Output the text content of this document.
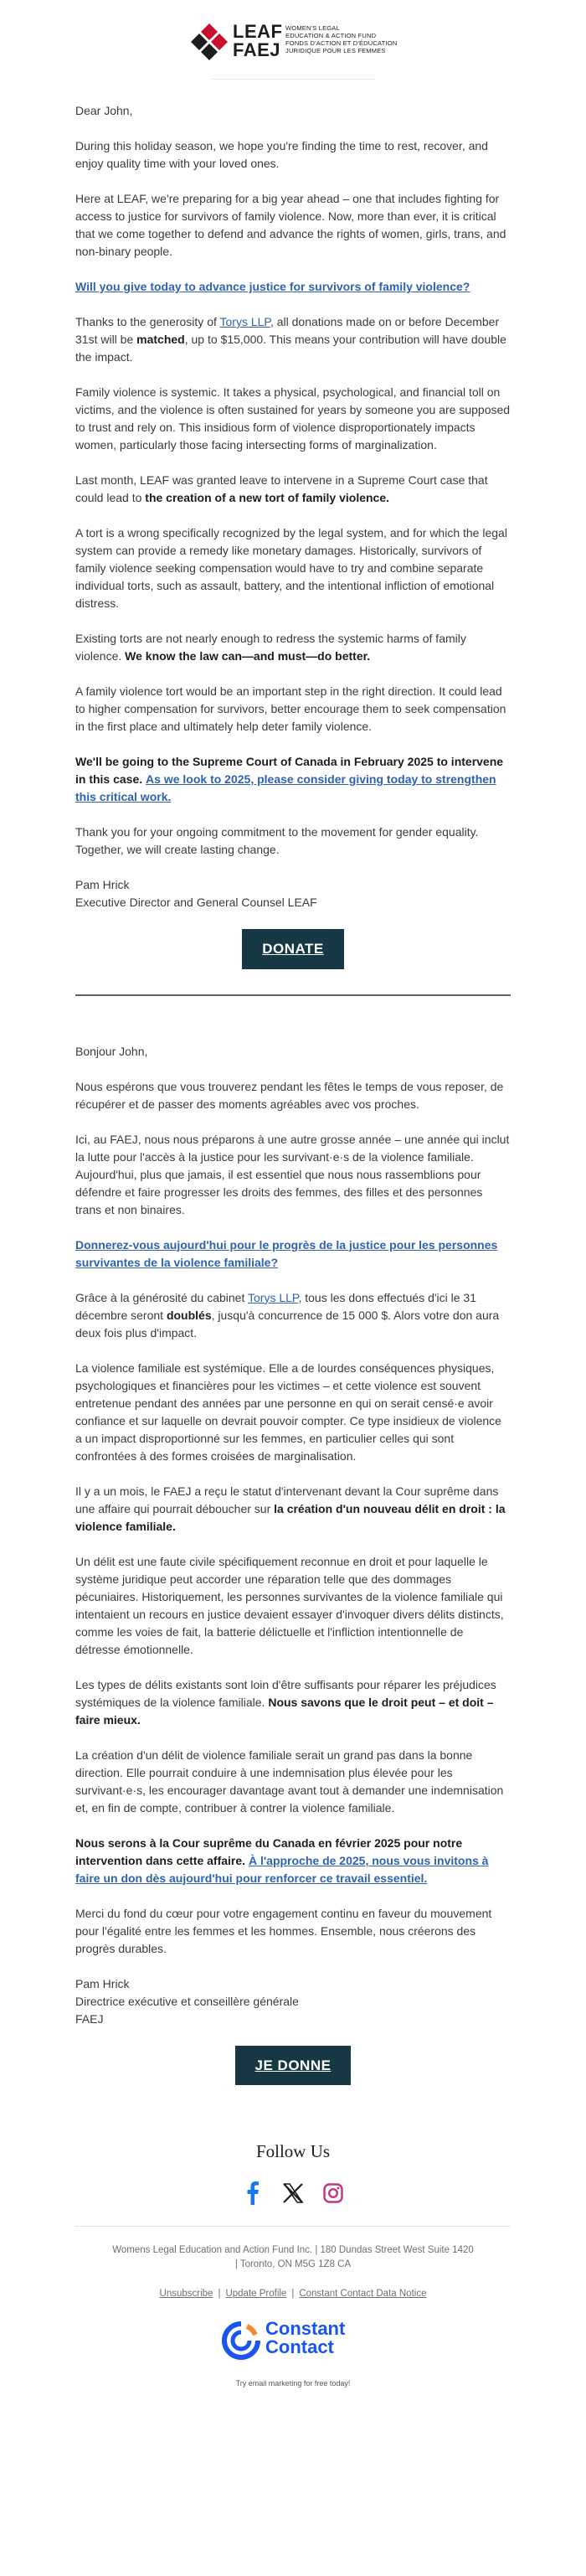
LEAF
FAEJ
WOMEN'S LEGAL
EDUCATION & ACTION FUND
FONDS D'ACTION ET D'ÉDUCATION
JURIDIQUE POUR LES FEMMES

Dear John,

During this holiday season, we hope you're finding the time to rest, recover, and enjoy quality time with your loved ones.

Here at LEAF, we're preparing for a big year ahead – one that includes fighting for access to justice for survivors of family violence. Now, more than ever, it is critical that we come together to defend and advance the rights of women, girls, trans, and non-binary people.

Will you give today to advance justice for survivors of family violence?

Thanks to the generosity of Torys LLP, all donations made on or before December 31st will be matched, up to $15,000. This means your contribution will have double the impact.

Family violence is systemic. It takes a physical, psychological, and financial toll on victims, and the violence is often sustained for years by someone you are supposed to trust and rely on. This insidious form of violence disproportionately impacts women, particularly those facing intersecting forms of marginalization.

Last month, LEAF was granted leave to intervene in a Supreme Court case that could lead to the creation of a new tort of family violence.

A tort is a wrong specifically recognized by the legal system, and for which the legal system can provide a remedy like monetary damages. Historically, survivors of family violence seeking compensation would have to try and combine separate individual torts, such as assault, battery, and the intentional infliction of emotional distress.

Existing torts are not nearly enough to redress the systemic harms of family violence. We know the law can—and must—do better.

A family violence tort would be an important step in the right direction. It could lead to higher compensation for survivors, better encourage them to seek compensation in the first place and ultimately help deter family violence.

We'll be going to the Supreme Court of Canada in February 2025 to intervene in this case. As we look to 2025, please consider giving today to strengthen this critical work.

Thank you for your ongoing commitment to the movement for gender equality. Together, we will create lasting change.

Pam Hrick
Executive Director and General Counsel LEAF

DONATE

Bonjour John,

Nous espérons que vous trouverez pendant les fêtes le temps de vous reposer, de récupérer et de passer des moments agréables avec vos proches.

Ici, au FAEJ, nous nous préparons à une autre grosse année – une année qui inclut la lutte pour l'accès à la justice pour les survivant·e·s de la violence familiale. Aujourd'hui, plus que jamais, il est essentiel que nous nous rassemblions pour défendre et faire progresser les droits des femmes, des filles et des personnes trans et non binaires.

Donnerez-vous aujourd'hui pour le progrès de la justice pour les personnes survivantes de la violence familiale?

Grâce à la générosité du cabinet Torys LLP, tous les dons effectués d'ici le 31 décembre seront doublés, jusqu'à concurrence de 15 000 $. Alors votre don aura deux fois plus d'impact.

La violence familiale est systémique. Elle a de lourdes conséquences physiques, psychologiques et financières pour les victimes – et cette violence est souvent entretenue pendant des années par une personne en qui on serait censé·e avoir confiance et sur laquelle on devrait pouvoir compter. Ce type insidieux de violence a un impact disproportionné sur les femmes, en particulier celles qui sont confrontées à des formes croisées de marginalisation.

Il y a un mois, le FAEJ a reçu le statut d'intervenant devant la Cour suprême dans une affaire qui pourrait déboucher sur la création d'un nouveau délit en droit : la violence familiale.

Un délit est une faute civile spécifiquement reconnue en droit et pour laquelle le système juridique peut accorder une réparation telle que des dommages pécuniaires. Historiquement, les personnes survivantes de la violence familiale qui intentaient un recours en justice devaient essayer d'invoquer divers délits distincts, comme les voies de fait, la batterie délictuelle et l'infliction intentionnelle de détresse émotionnelle.

Les types de délits existants sont loin d'être suffisants pour réparer les préjudices systémiques de la violence familiale. Nous savons que le droit peut – et doit – faire mieux.

La création d'un délit de violence familiale serait un grand pas dans la bonne direction. Elle pourrait conduire à une indemnisation plus élevée pour les survivant·e·s, les encourager davantage avant tout à demander une indemnisation et, en fin de compte, contribuer à contrer la violence familiale.

Nous serons à la Cour suprême du Canada en février 2025 pour notre intervention dans cette affaire. À l'approche de 2025, nous vous invitons à faire un don dès aujourd'hui pour renforcer ce travail essentiel.

Merci du fond du cœur pour votre engagement continu en faveur du mouvement pour l'égalité entre les femmes et les hommes. Ensemble, nous créerons des progrès durables.

Pam Hrick
Directrice exécutive et conseillère générale
FAEJ

JE DONNE
Follow Us
Womens Legal Education and Action Fund Inc. | 180 Dundas Street West Suite 1420
| Toronto, ON M5G 1Z8 CA
Unsubscribe | Update Profile | Constant Contact Data Notice
Constant
Contact
Try email marketing for free today!
